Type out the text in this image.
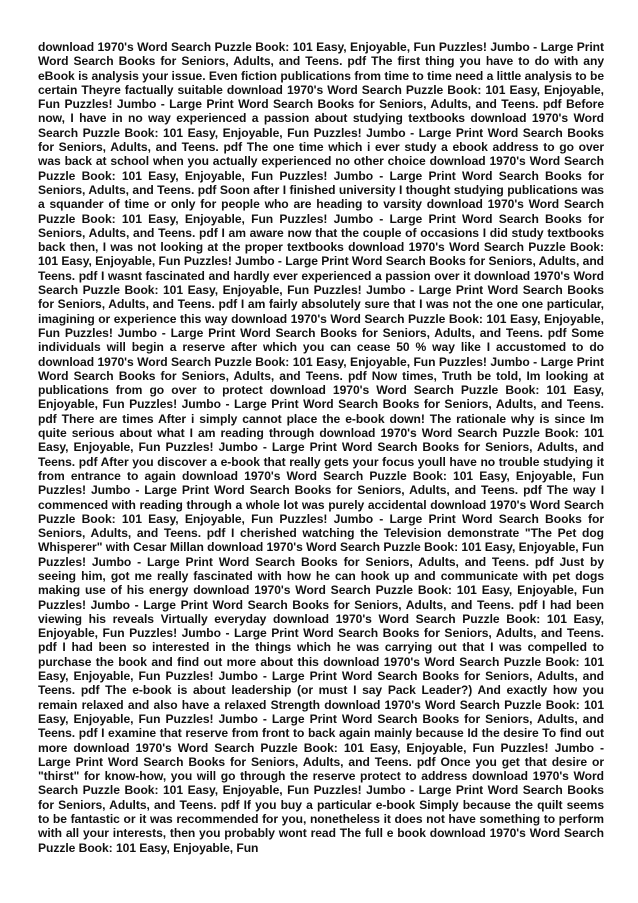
download 1970's Word Search Puzzle Book: 101 Easy, Enjoyable, Fun Puzzles! Jumbo - Large Print Word Search Books for Seniors, Adults, and Teens. pdf The first thing you have to do with any eBook is analysis your issue. Even fiction publications from time to time need a little analysis to be certain Theyre factually suitable download 1970's Word Search Puzzle Book: 101 Easy, Enjoyable, Fun Puzzles! Jumbo - Large Print Word Search Books for Seniors, Adults, and Teens. pdf Before now, I have in no way experienced a passion about studying textbooks download 1970's Word Search Puzzle Book: 101 Easy, Enjoyable, Fun Puzzles! Jumbo - Large Print Word Search Books for Seniors, Adults, and Teens. pdf The one time which i ever study a ebook address to go over was back at school when you actually experienced no other choice download 1970's Word Search Puzzle Book: 101 Easy, Enjoyable, Fun Puzzles! Jumbo - Large Print Word Search Books for Seniors, Adults, and Teens. pdf Soon after I finished university I thought studying publications was a squander of time or only for people who are heading to varsity download 1970's Word Search Puzzle Book: 101 Easy, Enjoyable, Fun Puzzles! Jumbo - Large Print Word Search Books for Seniors, Adults, and Teens. pdf I am aware now that the couple of occasions I did study textbooks back then, I was not looking at the proper textbooks download 1970's Word Search Puzzle Book: 101 Easy, Enjoyable, Fun Puzzles! Jumbo - Large Print Word Search Books for Seniors, Adults, and Teens. pdf I wasnt fascinated and hardly ever experienced a passion over it download 1970's Word Search Puzzle Book: 101 Easy, Enjoyable, Fun Puzzles! Jumbo - Large Print Word Search Books for Seniors, Adults, and Teens. pdf I am fairly absolutely sure that I was not the one one particular, imagining or experience this way download 1970's Word Search Puzzle Book: 101 Easy, Enjoyable, Fun Puzzles! Jumbo - Large Print Word Search Books for Seniors, Adults, and Teens. pdf Some individuals will begin a reserve after which you can cease 50 % way like I accustomed to do download 1970's Word Search Puzzle Book: 101 Easy, Enjoyable, Fun Puzzles! Jumbo - Large Print Word Search Books for Seniors, Adults, and Teens. pdf Now times, Truth be told, Im looking at publications from go over to protect download 1970's Word Search Puzzle Book: 101 Easy, Enjoyable, Fun Puzzles! Jumbo - Large Print Word Search Books for Seniors, Adults, and Teens. pdf There are times After i simply cannot place the e-book down! The rationale why is since Im quite serious about what I am reading through download 1970's Word Search Puzzle Book: 101 Easy, Enjoyable, Fun Puzzles! Jumbo - Large Print Word Search Books for Seniors, Adults, and Teens. pdf After you discover a e-book that really gets your focus youll have no trouble studying it from entrance to again download 1970's Word Search Puzzle Book: 101 Easy, Enjoyable, Fun Puzzles! Jumbo - Large Print Word Search Books for Seniors, Adults, and Teens. pdf The way I commenced with reading through a whole lot was purely accidental download 1970's Word Search Puzzle Book: 101 Easy, Enjoyable, Fun Puzzles! Jumbo - Large Print Word Search Books for Seniors, Adults, and Teens. pdf I cherished watching the Television demonstrate "The Pet dog Whisperer" with Cesar Millan download 1970's Word Search Puzzle Book: 101 Easy, Enjoyable, Fun Puzzles! Jumbo - Large Print Word Search Books for Seniors, Adults, and Teens. pdf Just by seeing him, got me really fascinated with how he can hook up and communicate with pet dogs making use of his energy download 1970's Word Search Puzzle Book: 101 Easy, Enjoyable, Fun Puzzles! Jumbo - Large Print Word Search Books for Seniors, Adults, and Teens. pdf I had been viewing his reveals Virtually everyday download 1970's Word Search Puzzle Book: 101 Easy, Enjoyable, Fun Puzzles! Jumbo - Large Print Word Search Books for Seniors, Adults, and Teens. pdf I had been so interested in the things which he was carrying out that I was compelled to purchase the book and find out more about this download 1970's Word Search Puzzle Book: 101 Easy, Enjoyable, Fun Puzzles! Jumbo - Large Print Word Search Books for Seniors, Adults, and Teens. pdf The e-book is about leadership (or must I say Pack Leader?) And exactly how you remain relaxed and also have a relaxed Strength download 1970's Word Search Puzzle Book: 101 Easy, Enjoyable, Fun Puzzles! Jumbo - Large Print Word Search Books for Seniors, Adults, and Teens. pdf I examine that reserve from front to back again mainly because Id the desire To find out more download 1970's Word Search Puzzle Book: 101 Easy, Enjoyable, Fun Puzzles! Jumbo - Large Print Word Search Books for Seniors, Adults, and Teens. pdf Once you get that desire or "thirst" for know-how, you will go through the reserve protect to address download 1970's Word Search Puzzle Book: 101 Easy, Enjoyable, Fun Puzzles! Jumbo - Large Print Word Search Books for Seniors, Adults, and Teens. pdf If you buy a particular e-book Simply because the quilt seems to be fantastic or it was recommended for you, nonetheless it does not have something to perform with all your interests, then you probably wont read The full e book download 1970's Word Search Puzzle Book: 101 Easy, Enjoyable, Fun
